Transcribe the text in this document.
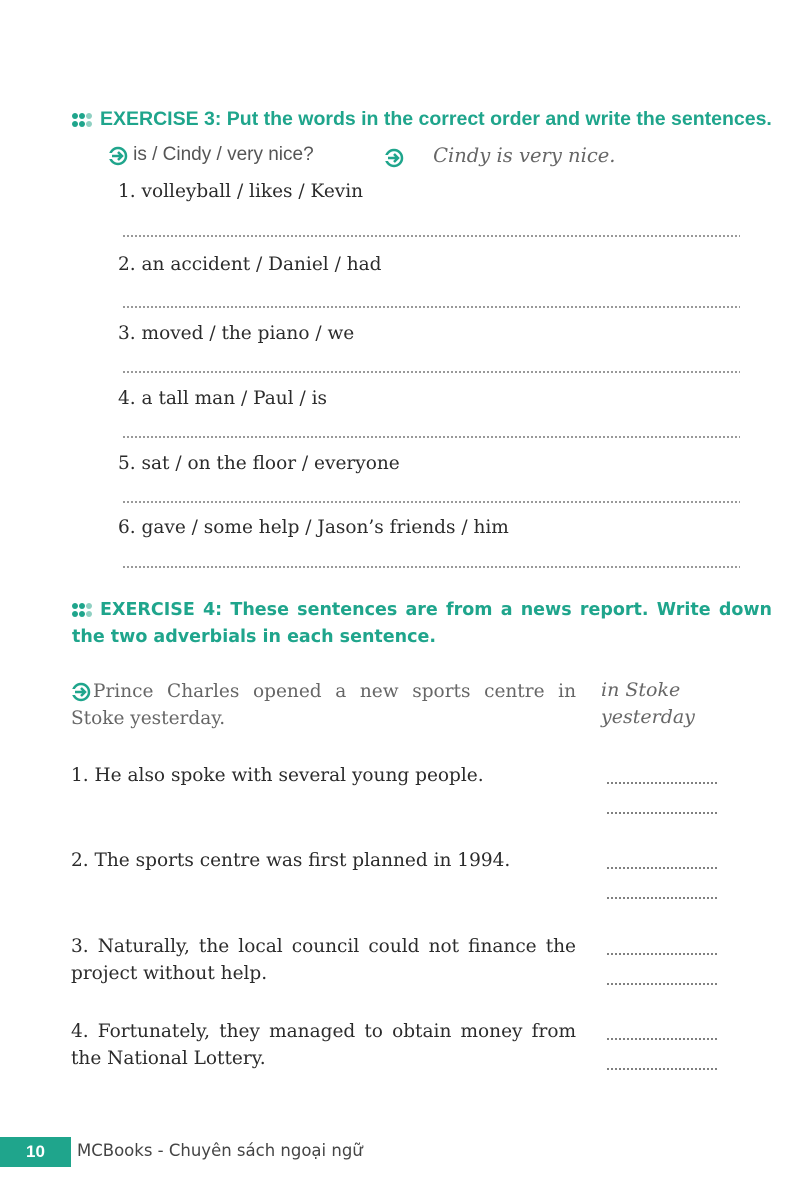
EXERCISE 3: Put the words in the correct order and write the sentences.
is / Cindy / very nice?	Cindy is very nice.
1. volleyball / likes / Kevin
2. an accident / Daniel / had
3. moved / the piano / we
4. a tall man / Paul / is
5. sat / on the floor / everyone
6. gave / some help / Jason’s friends / him
EXERCISE 4: These sentences are from a news report. Write down the two adverbials in each sentence.
Prince Charles opened a new sports centre in Stoke yesterday.
in Stoke
yesterday
1. He also spoke with several young people.
2. The sports centre was first planned in 1994.
3. Naturally, the local council could not finance the project without help.
4. Fortunately, they managed to obtain money from the National Lottery.
10	MCBooks - Chuyên sách ngoại ngữ
